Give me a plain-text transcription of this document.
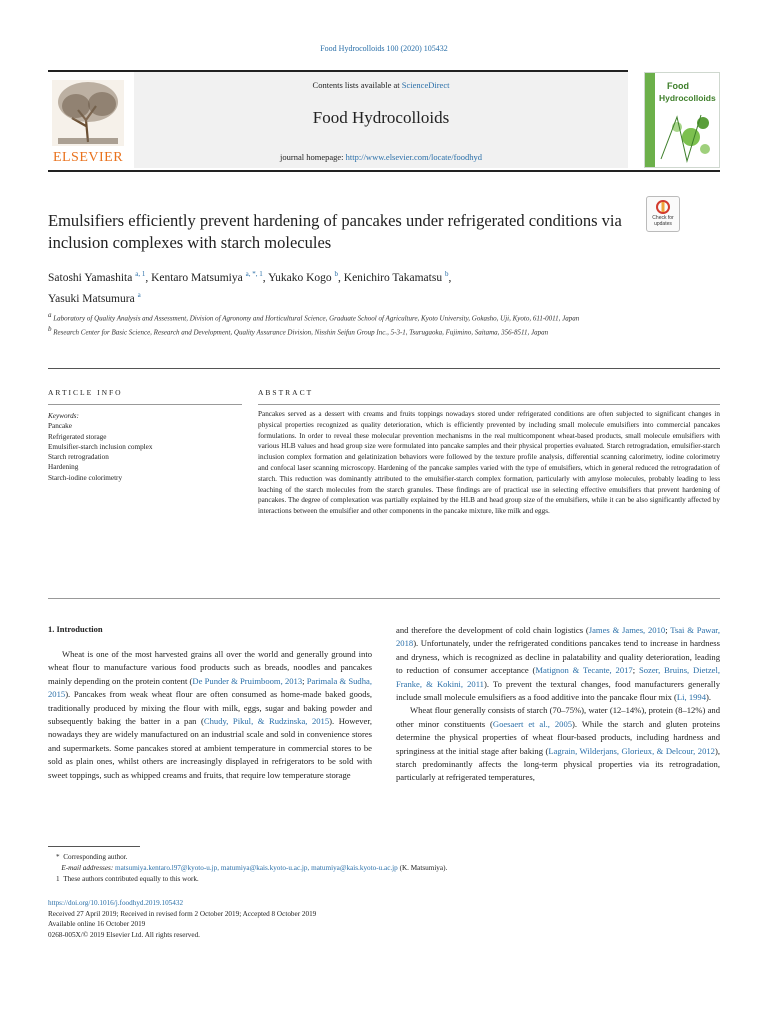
Food Hydrocolloids 100 (2020) 105432
Contents lists available at ScienceDirect
Food Hydrocolloids
journal homepage: http://www.elsevier.com/locate/foodhyd
ELSEVIER
Food
Hydrocolloids
Check for updates
Emulsifiers efficiently prevent hardening of pancakes under refrigerated conditions via inclusion complexes with starch molecules
Satoshi Yamashita $^{a, 1}$, Kentaro Matsumiya $^{a, *, 1}$, Yukako Kogo $^b$, Kenichiro Takamatsu $^b$,
Yasuki Matsumura $^a$
$^a$ Laboratory of Quality Analysis and Assessment, Division of Agronomy and Horticultural Science, Graduate School of Agriculture, Kyoto University, Gokasho, Uji, Kyoto, 611-0011, Japan
$^b$ Research Center for Basic Science, Research and Development, Quality Assurance Division, Nisshin Seifun Group Inc., 5-3-1, Tsurugaoka, Fujimino, Saitama, 356-8511, Japan
ARTICLE INFO
Keywords:
Pancake
Refrigerated storage
Emulsifier-starch inclusion complex
Starch retrogradation
Hardening
Starch-iodine colorimetry
ABSTRACT
Pancakes served as a dessert with creams and fruits toppings nowadays stored under refrigerated conditions are often subjected to significant changes in physical properties recognized as quality deterioration, which is efficiently prevented by including small molecule emulsifiers into commercial pancakes formulations. In order to reveal these molecular prevention mechanisms in the real multicomponent wheat-based products, small molecule emulsifiers with various HLB values and head group size were formulated into pancake samples and their physical properties evaluated. Starch retrogradation, emulsifier-starch inclusion complex formation and gelatinization behaviors were followed by the texture profile analysis, differential scanning calorimetry, iodine colorimetry and confocal laser scanning microscopy. Hardening of the pancake samples varied with the type of emulsifiers, which in general reduced the retrogradation of starch. This reduction was dominantly attributed to the emulsifier-starch complex formation, particularly with amylose molecules, probably leading to less leaching of the starch molecules from the starch granules. These findings are of practical use in selecting effective emulsifiers that prevent hardening of pancakes. The degree of complexation was partially explained by the HLB and head group size of the emulsifiers, while it can be also significantly affected by interactions between the emulsifier and other components in the pancake mixture, like milk and eggs.
1. Introduction

Wheat is one of the most harvested grains all over the world and generally ground into wheat flour to manufacture various food products such as breads, noodles and pancakes mainly depending on the protein content (De Punder & Pruimboom, 2013; Parimala & Sudha, 2015). Pancakes from weak wheat flour are often consumed as home-made baked goods, traditionally produced by mixing the flour with milk, eggs, sugar and baking powder and subsequently baking the batter in a pan (Chudy, Pikul, & Rudzinska, 2015). However, nowadays they are widely manufactured on an industrial scale and sold in convenience stores and supermarkets. Some pancakes stored at ambient temperature in commercial stores to be sold as plain ones, whilst others are increasingly displayed in refrigerators to be sold with sweet toppings, such as whipped creams and fruits, that require low temperature storage

and therefore the development of cold chain logistics (James & James, 2010; Tsai & Pawar, 2018). Unfortunately, under the refrigerated conditions pancakes tend to increase in hardness and dryness, which is recognized as decline in palatability and quality deterioration, leading to reduction of consumer acceptance (Matignon & Tecante, 2017; Sozer, Bruins, Dietzel, Franke, & Kokini, 2011). To prevent the textural changes, food manufacturers generally include small molecule emulsifiers as a food additive into the pancake flour mix (Li, 1994).

Wheat flour generally consists of starch (70–75%), water (12–14%), protein (8–12%) and other minor constituents (Goesaert et al., 2005). While the starch and gluten proteins determine the physical properties of wheat flour-based products, including hardness and springiness at the initial stage after baking (Lagrain, Wilderjans, Glorieux, & Delcour, 2012), starch predominantly affects the long-term physical properties via its retrogradation, particularly at refrigerated temperatures,

* Corresponding author.
E-mail addresses: matsumiya.kentaro.l97@kyoto-u.jp, matumiya@kais.kyoto-u.ac.jp, matumiya@kais.kyoto-u.ac.jp (K. Matsumiya).
1 These authors contributed equally to this work.
https://doi.org/10.1016/j.foodhyd.2019.105432
Received 27 April 2019; Received in revised form 2 October 2019; Accepted 8 October 2019
Available online 16 October 2019
0268-005X/© 2019 Elsevier Ltd. All rights reserved.
